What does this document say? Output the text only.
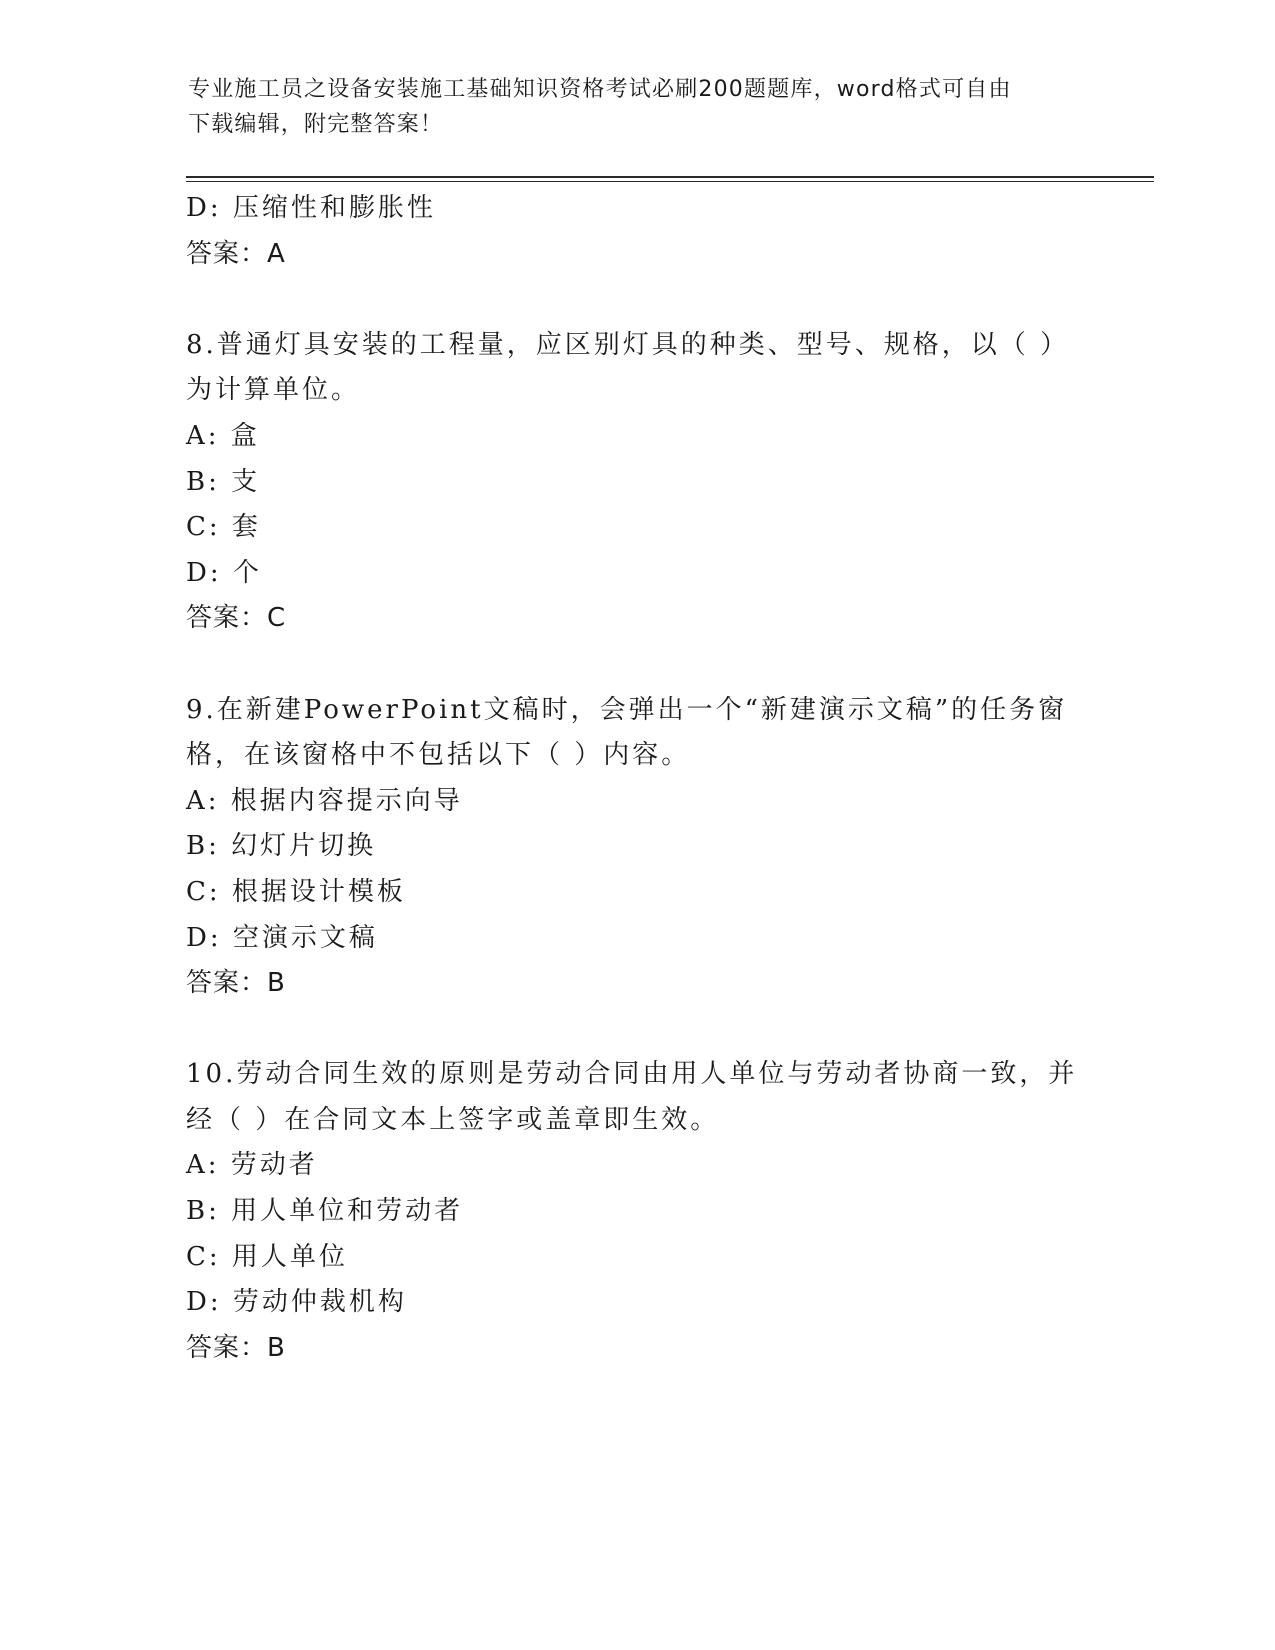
专业施工员之设备安装施工基础知识资格考试必刷200题题库，word格式可自由
下载编辑，附完整答案！
D: 压缩性和膨胀性
答案：A
8.普通灯具安装的工程量，应区别灯具的种类、型号、规格，以（ ）
为计算单位。
A: 盒
B: 支
C: 套
D: 个
答案：C
9.在新建PowerPoint文稿时，会弹出一个“新建演示文稿”的任务窗
格，在该窗格中不包括以下（ ）内容。
A: 根据内容提示向导
B: 幻灯片切换
C: 根据设计模板
D: 空演示文稿
答案：B
10.劳动合同生效的原则是劳动合同由用人单位与劳动者协商一致，并
经（ ）在合同文本上签字或盖章即生效。
A: 劳动者
B: 用人单位和劳动者
C: 用人单位
D: 劳动仲裁机构
答案：B
